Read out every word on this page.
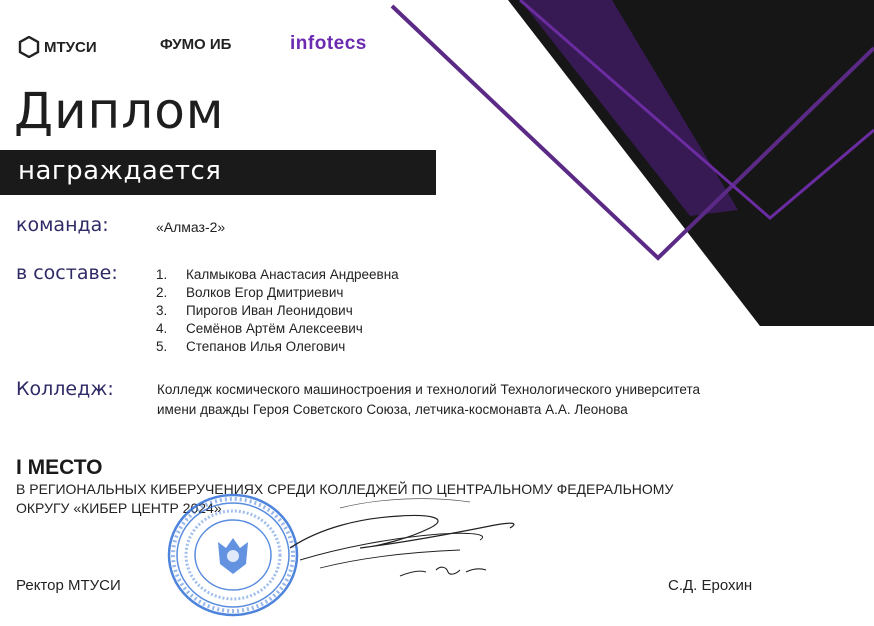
МТУСИ	ФУМО ИБ	infotecs
Диплом
награждается
команда:	«Алмаз-2»
в составе:	1.	Калмыкова Анастасия Андреевна
2.	Волков Егор Дмитриевич
3.	Пирогов Иван Леонидович
4.	Семёнов Артём Алексеевич
5.	Степанов Илья Олегович
Колледж:	Колледж космического машиностроения и технологий Технологического университета
имени дважды Героя Советского Союза, летчика-космонавта А.А. Леонова
I МЕСТО
В РЕГИОНАЛЬНЫХ КИБЕРУЧЕНИЯХ СРЕДИ КОЛЛЕДЖЕЙ ПО ЦЕНТРАЛЬНОМУ ФЕДЕРАЛЬНОМУ
ОКРУГУ «КИБЕР ЦЕНТР 2024»
Ректор МТУСИ	С.Д. Ерохин
